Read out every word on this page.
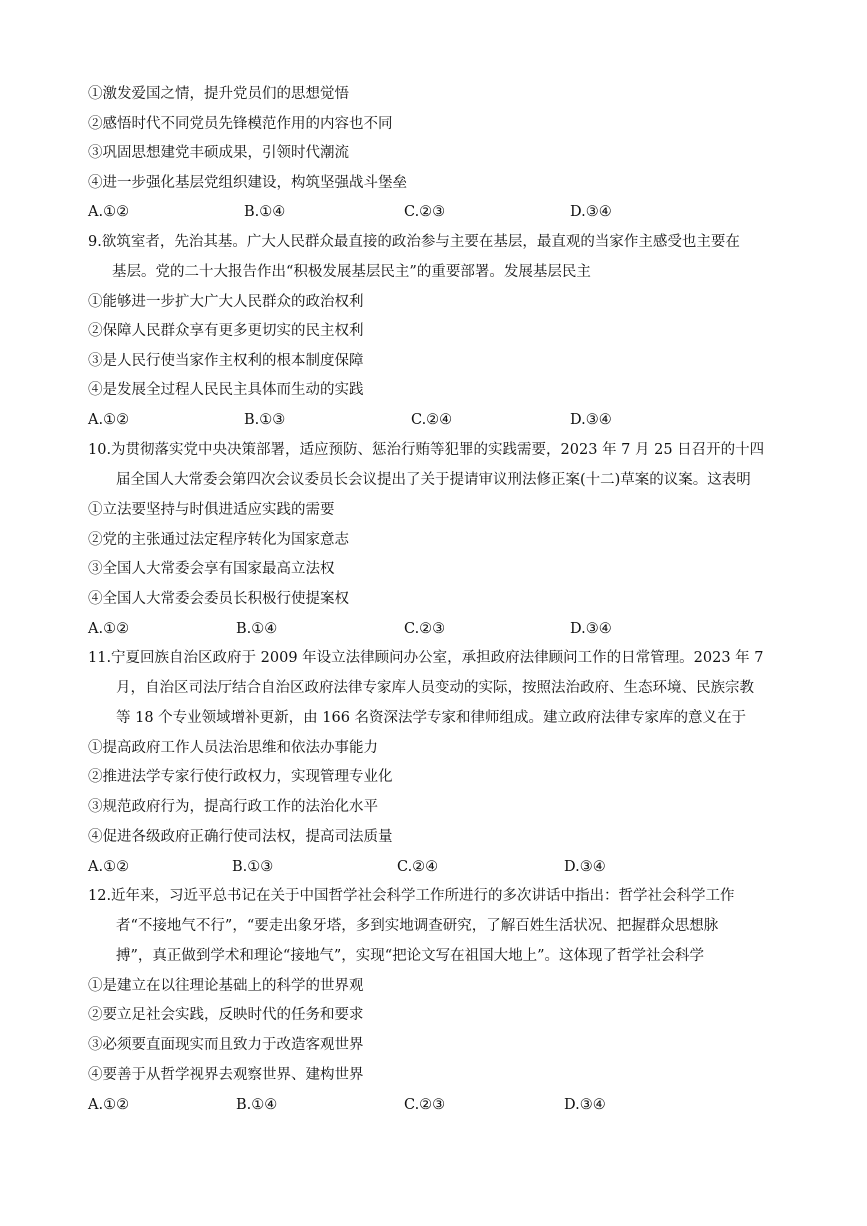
①激发爱国之情，提升党员们的思想觉悟
②感悟时代不同党员先锋模范作用的内容也不同
③巩固思想建党丰硕成果，引领时代潮流
④进一步强化基层党组织建设，构筑坚强战斗堡垒
A.①②	B.①④	C.②③	D.③④
9.欲筑室者，先治其基。广大人民群众最直接的政治参与主要在基层，最直观的当家作主感受也主要在
基层。党的二十大报告作出“积极发展基层民主”的重要部署。发展基层民主
①能够进一步扩大广大人民群众的政治权利
②保障人民群众享有更多更切实的民主权利
③是人民行使当家作主权利的根本制度保障
④是发展全过程人民民主具体而生动的实践
A.①②	B.①③	C.②④	D.③④
10.为贯彻落实党中央决策部署，适应预防、惩治行贿等犯罪的实践需要，2023 年 7 月 25 日召开的十四
届全国人大常委会第四次会议委员长会议提出了关于提请审议刑法修正案(十二)草案的议案。这表明
①立法要坚持与时俱进适应实践的需要
②党的主张通过法定程序转化为国家意志
③全国人大常委会享有国家最高立法权
④全国人大常委会委员长积极行使提案权
A.①②	B.①④	C.②③	D.③④
11.宁夏回族自治区政府于 2009 年设立法律顾问办公室，承担政府法律顾问工作的日常管理。2023 年 7
月，自治区司法厅结合自治区政府法律专家库人员变动的实际，按照法治政府、生态环境、民族宗教
等 18 个专业领域增补更新，由 166 名资深法学专家和律师组成。建立政府法律专家库的意义在于
①提高政府工作人员法治思维和依法办事能力
②推进法学专家行使行政权力，实现管理专业化
③规范政府行为，提高行政工作的法治化水平
④促进各级政府正确行使司法权，提高司法质量
A.①②	B.①③	C.②④	D.③④
12.近年来，习近平总书记在关于中国哲学社会科学工作所进行的多次讲话中指出：哲学社会科学工作
者“不接地气不行”，“要走出象牙塔，多到实地调查研究，了解百姓生活状况、把握群众思想脉
搏”，真正做到学术和理论“接地气”，实现“把论文写在祖国大地上”。这体现了哲学社会科学
①是建立在以往理论基础上的科学的世界观
②要立足社会实践，反映时代的任务和要求
③必须要直面现实而且致力于改造客观世界
④要善于从哲学视界去观察世界、建构世界
A.①②	B.①④	C.②③	D.③④
